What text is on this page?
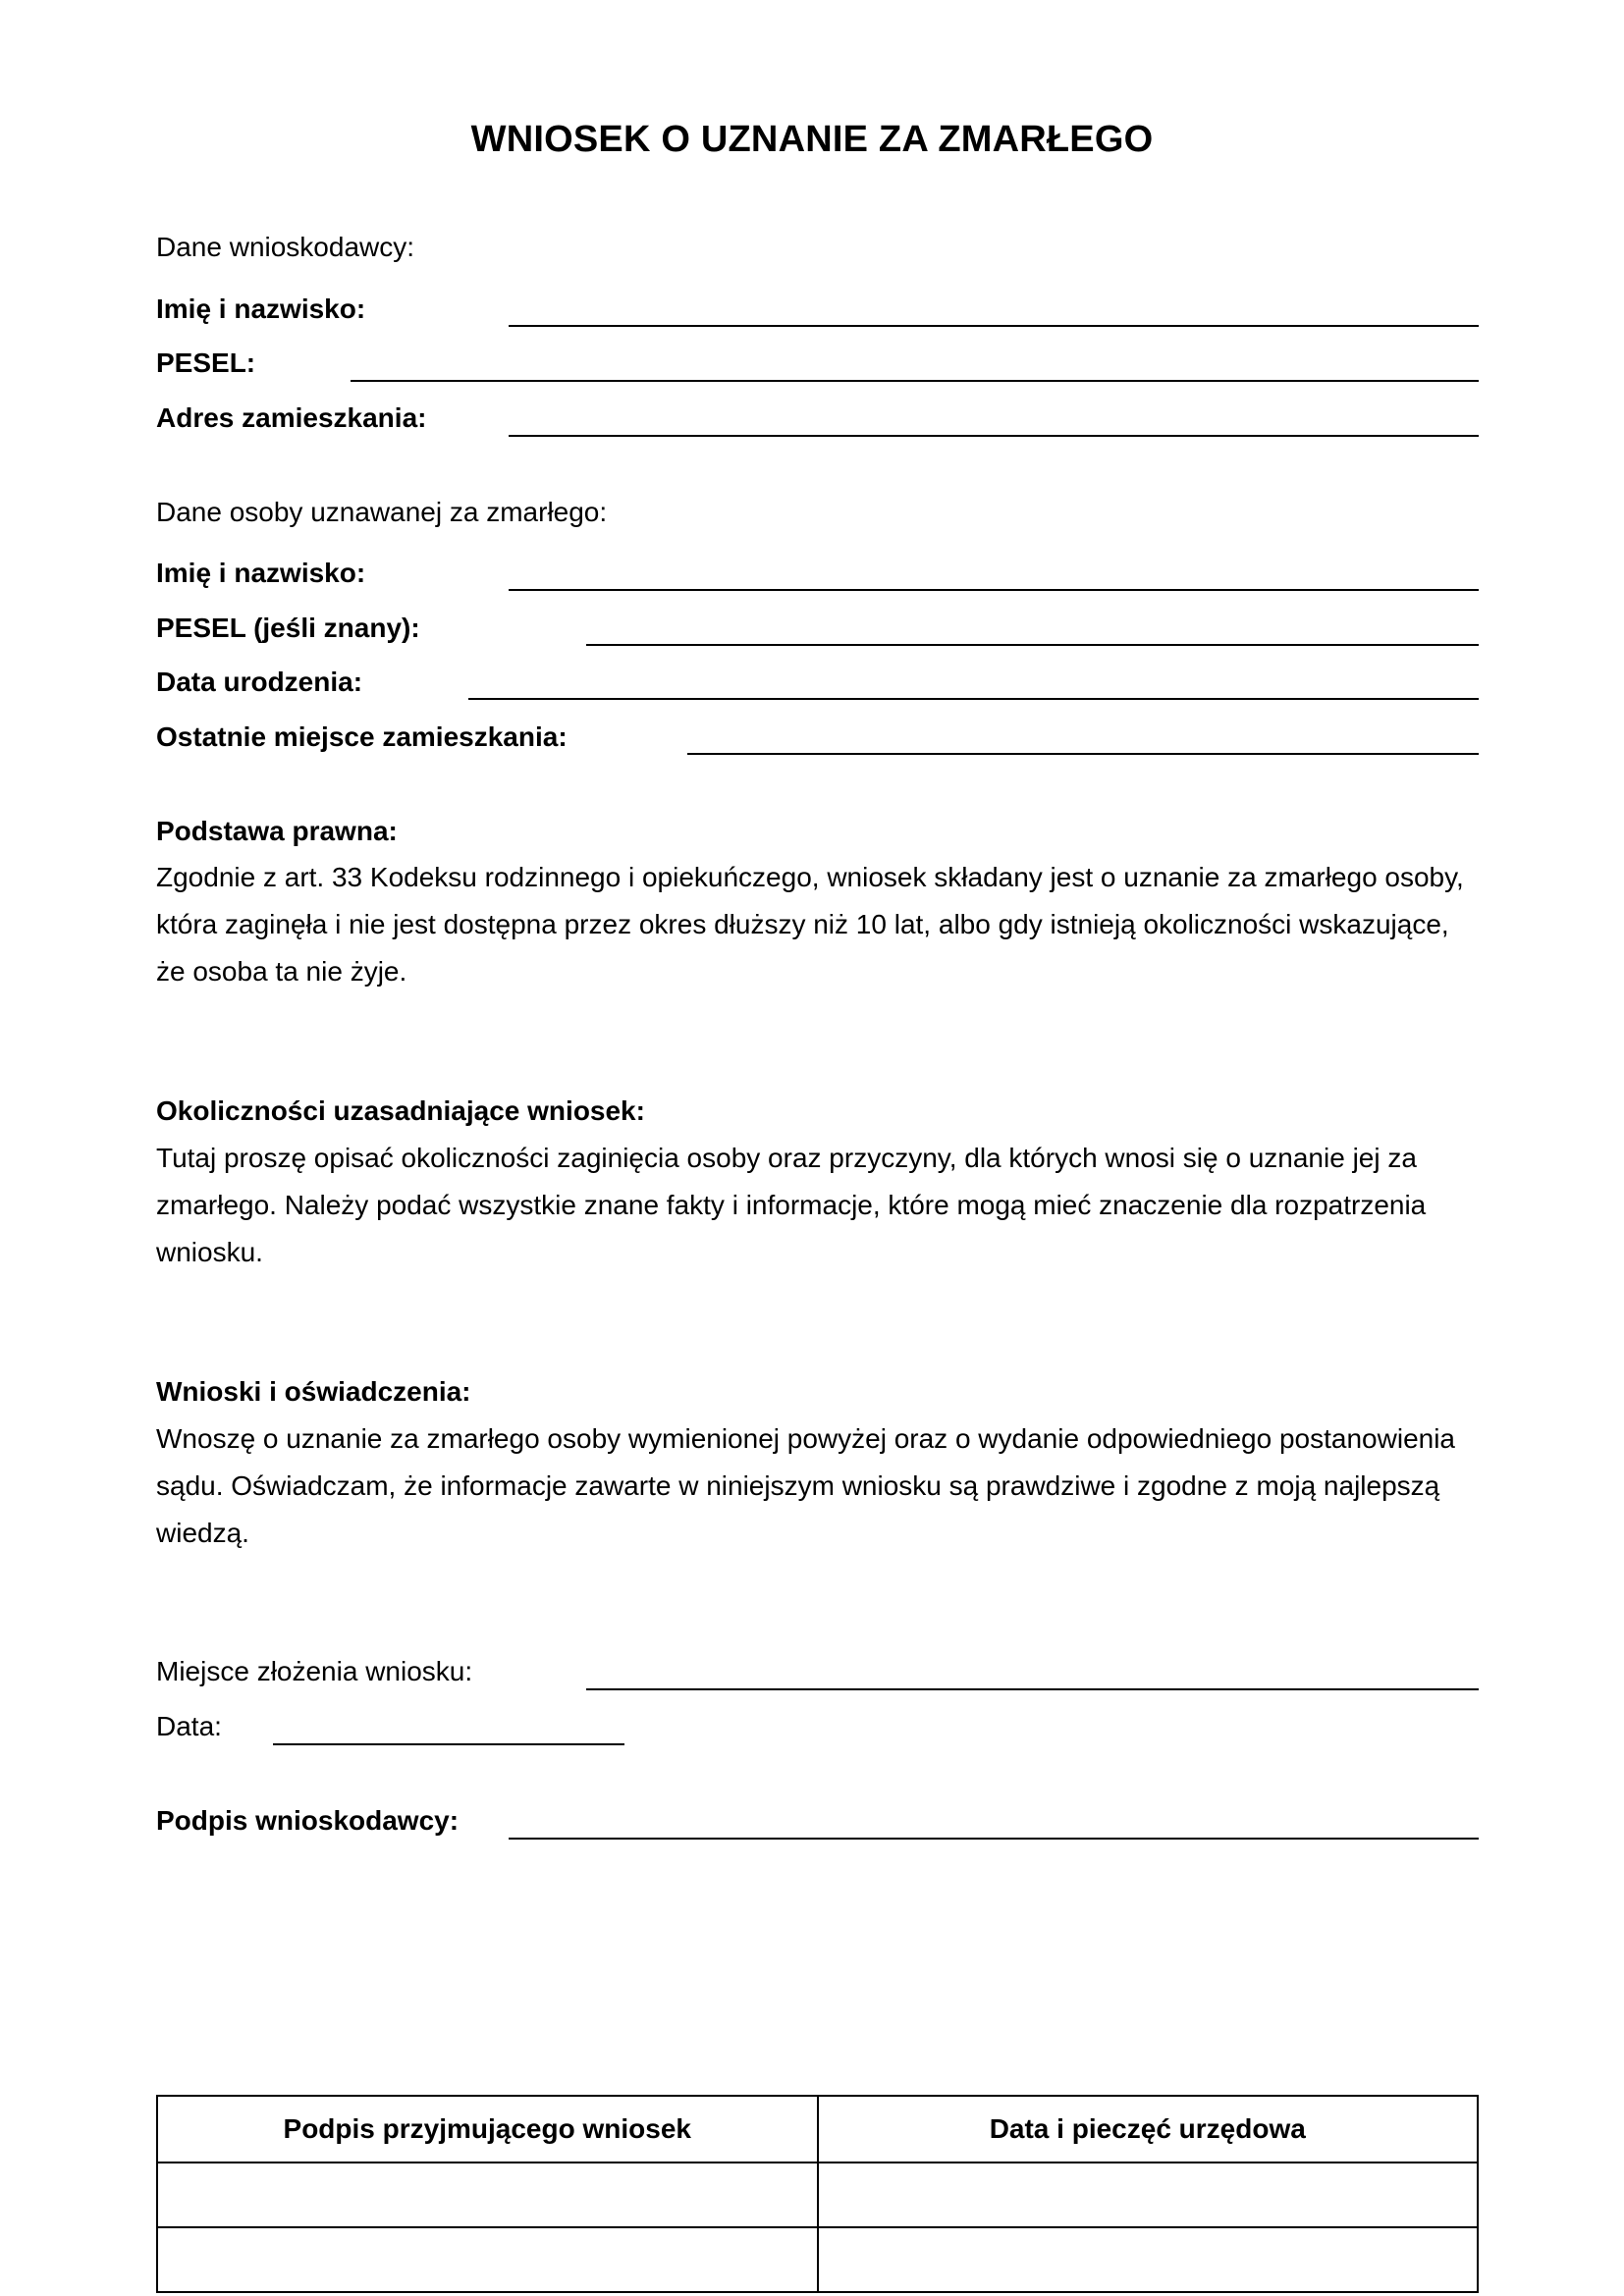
WNIOSEK O UZNANIE ZA ZMARŁEGO
Dane wnioskodawcy:
Imię i nazwisko:
PESEL:
Adres zamieszkania:
Dane osoby uznawanej za zmarłego:
Imię i nazwisko:
PESEL (jeśli znany):
Data urodzenia:
Ostatnie miejsce zamieszkania:
Podstawa prawna:
Zgodnie z art. 33 Kodeksu rodzinnego i opiekuńczego, wniosek składany jest o uznanie za zmarłego osoby,
która zaginęła i nie jest dostępna przez okres dłuższy niż 10 lat, albo gdy istnieją okoliczności wskazujące,
że osoba ta nie żyje.
Okoliczności uzasadniające wniosek:
Tutaj proszę opisać okoliczności zaginięcia osoby oraz przyczyny, dla których wnosi się o uznanie jej za
zmarłego. Należy podać wszystkie znane fakty i informacje, które mogą mieć znaczenie dla rozpatrzenia
wniosku.
Wnioski i oświadczenia:
Wnoszę o uznanie za zmarłego osoby wymienionej powyżej oraz o wydanie odpowiedniego postanowienia
sądu. Oświadczam, że informacje zawarte w niniejszym wniosku są prawdziwe i zgodne z moją najlepszą
wiedzą.
Miejsce złożenia wniosku:
Data:
Podpis wnioskodawcy:
Podpis przyjmującego wniosek	Data i pieczęć urzędowa
